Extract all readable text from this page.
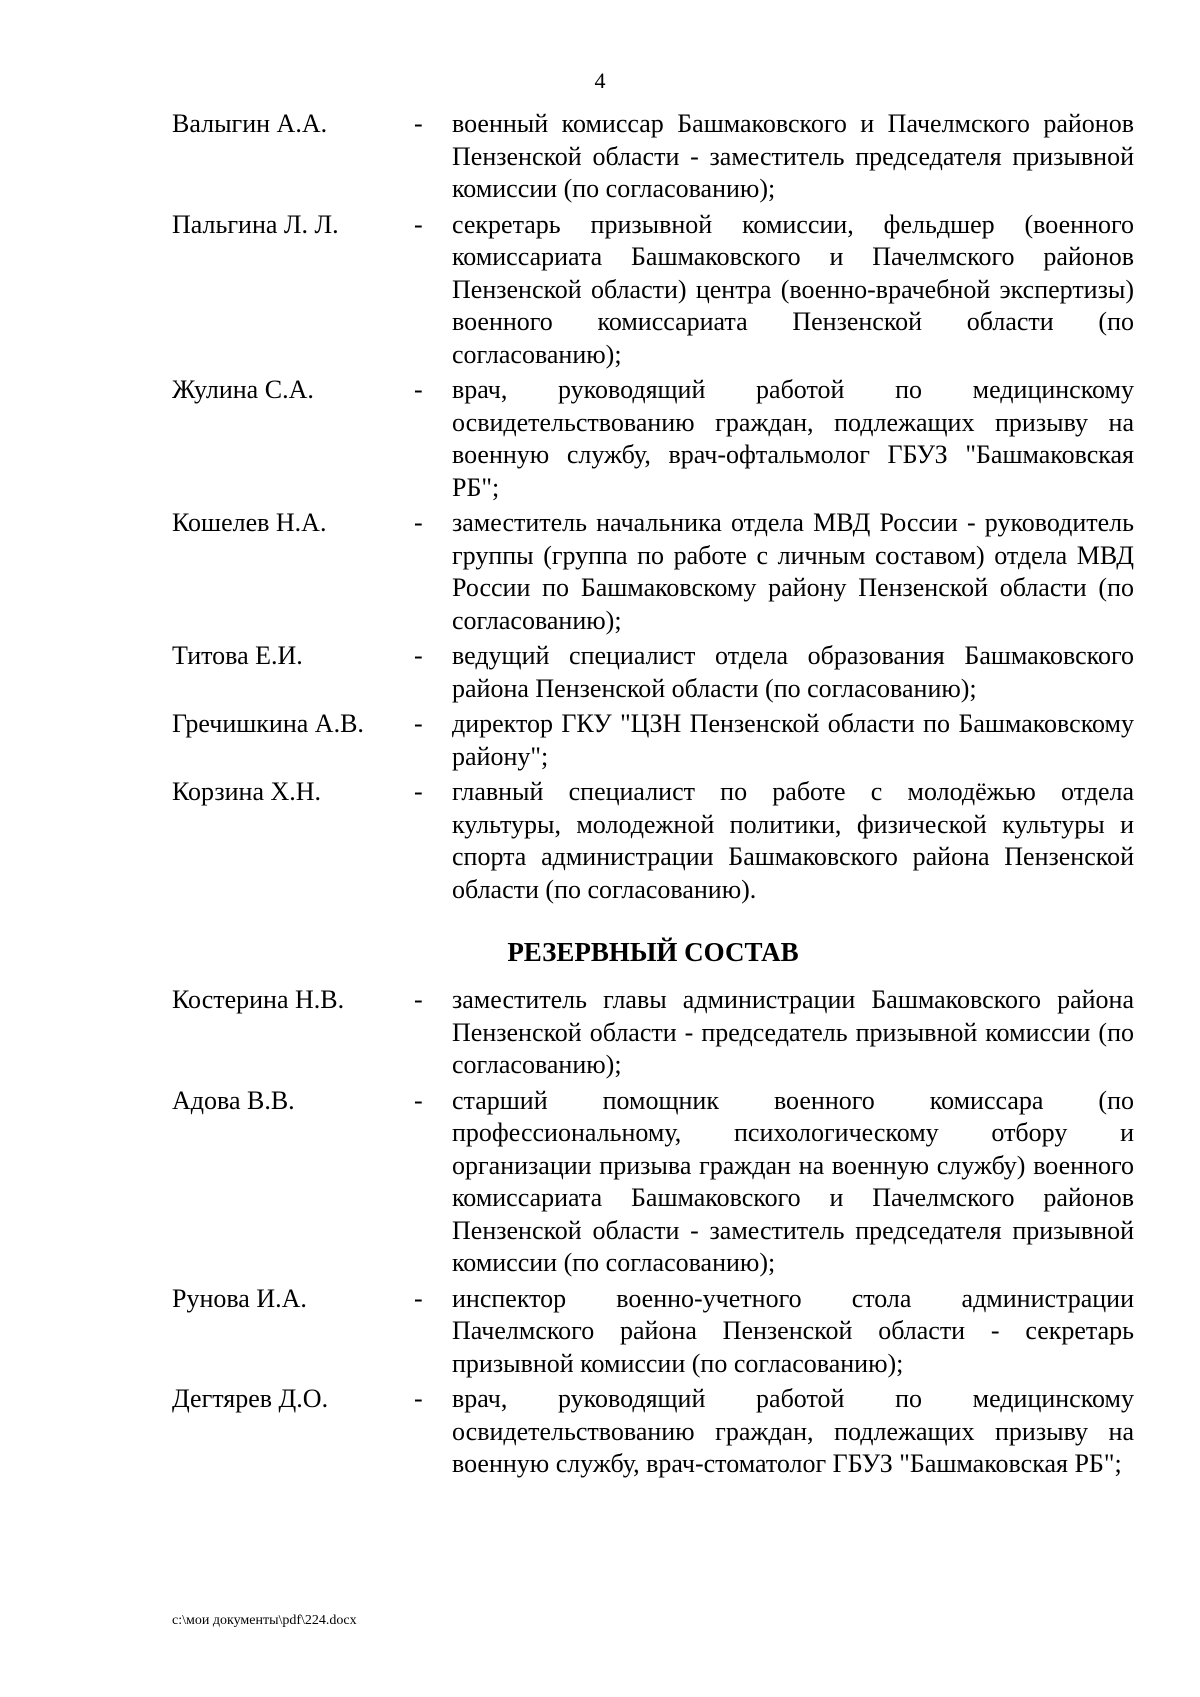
4
Валыгин А.А.	-	военный комиссар Башмаковского и Пачелмского районов Пензенской области - заместитель председателя призывной комиссии (по согласованию);
Пальгина Л. Л.	-	секретарь призывной комиссии, фельдшер (военного комиссариата Башмаковского и Пачелмского районов Пензенской области) центра (военно-врачебной экспертизы) военного комиссариата Пензенской области (по согласованию);
Жулина С.А.	-	врач, руководящий работой по медицинскому освидетельствованию граждан, подлежащих призыву на военную службу, врач-офтальмолог ГБУЗ "Башмаковская РБ";
Кошелев Н.А.	-	заместитель начальника отдела МВД России - руководитель группы (группа по работе с личным составом) отдела МВД России по Башмаковскому району Пензенской области (по согласованию);
Титова Е.И.	-	ведущий специалист отдела образования Башмаковского района Пензенской области (по согласованию);
Гречишкина А.В.	-	директор ГКУ "ЦЗН Пензенской области по Башмаковскому району";
Корзина Х.Н.	-	главный специалист по работе с молодёжью отдела культуры, молодежной политики, физической культуры и спорта администрации Башмаковского района Пензенской области (по согласованию).
РЕЗЕРВНЫЙ СОСТАВ
Костерина Н.В.	-	заместитель главы администрации Башмаковского района Пензенской области - председатель призывной комиссии (по согласованию);
Адова В.В.	-	старший помощник военного комиссара (по профессиональному, психологическому отбору и организации призыва граждан на военную службу) военного комиссариата Башмаковского и Пачелмского районов Пензенской области - заместитель председателя призывной комиссии (по согласованию);
Рунова И.А.	-	инспектор военно-учетного стола администрации Пачелмского района Пензенской области - секретарь призывной комиссии (по согласованию);
Дегтярев Д.О.	-	врач, руководящий работой по медицинскому освидетельствованию граждан, подлежащих призыву на военную службу, врач-стоматолог ГБУЗ "Башмаковская РБ";
c:\мои документы\pdf\224.docx
